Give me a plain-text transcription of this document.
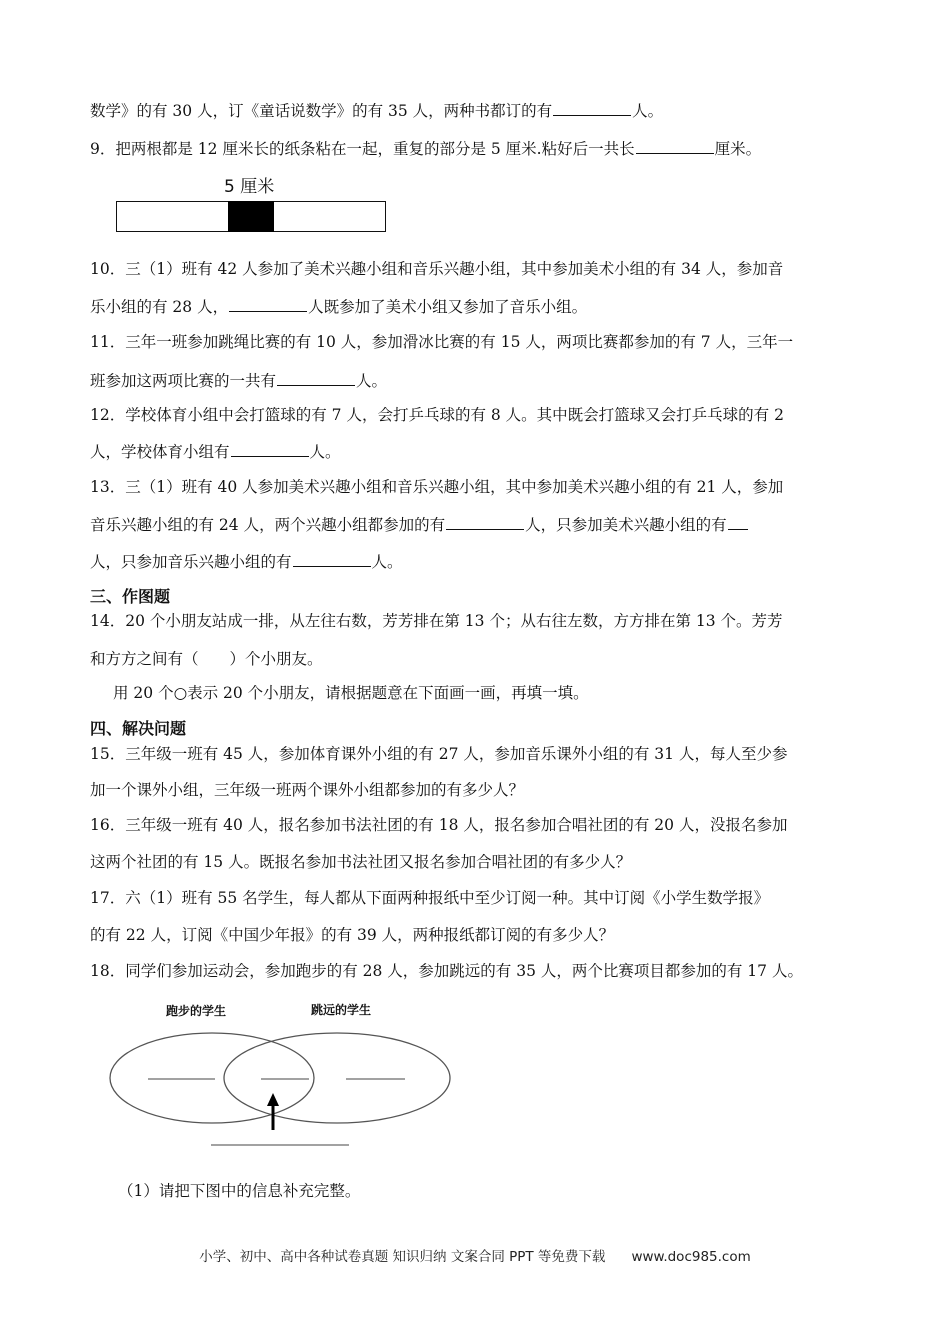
数学》的有 30 人，订《童话说数学》的有 35 人，两种书都订的有	人。
9．把两根都是 12 厘米长的纸条粘在一起，重复的部分是 5 厘米.粘好后一共长	厘米。
5 厘米
10．三（1）班有 42 人参加了美术兴趣小组和音乐兴趣小组，其中参加美术小组的有 34 人，参加音
乐小组的有 28 人，	人既参加了美术小组又参加了音乐小组。
11．三年一班参加跳绳比赛的有 10 人，参加滑冰比赛的有 15 人，两项比赛都参加的有 7 人，三年一
班参加这两项比赛的一共有	人。
12．学校体育小组中会打篮球的有 7 人，会打乒乓球的有 8 人。其中既会打篮球又会打乒乓球的有 2
人，学校体育小组有	人。
13．三（1）班有 40 人参加美术兴趣小组和音乐兴趣小组，其中参加美术兴趣小组的有 21 人，参加
音乐兴趣小组的有 24 人，两个兴趣小组都参加的有	人，只参加美术兴趣小组的有
人，只参加音乐兴趣小组的有	人。
三、作图题
14．20 个小朋友站成一排，从左往右数，芳芳排在第 13 个；从右往左数，方方排在第 13 个。芳芳
和方方之间有（　　）个小朋友。
用 20 个○表示 20 个小朋友，请根据题意在下面画一画，再填一填。
四、解决问题
15．三年级一班有 45 人，参加体育课外小组的有 27 人，参加音乐课外小组的有 31 人，每人至少参
加一个课外小组，三年级一班两个课外小组都参加的有多少人？
16．三年级一班有 40 人，报名参加书法社团的有 18 人，报名参加合唱社团的有 20 人，没报名参加
这两个社团的有 15 人。既报名参加书法社团又报名参加合唱社团的有多少人？
17．六（1）班有 55 名学生，每人都从下面两种报纸中至少订阅一种。其中订阅《小学生数学报》
的有 22 人，订阅《中国少年报》的有 39 人，两种报纸都订阅的有多少人？
18．同学们参加运动会，参加跑步的有 28 人，参加跳远的有 35 人，两个比赛项目都参加的有 17 人。
跑步的学生	跳远的学生
（1）请把下图中的信息补充完整。
小学、初中、高中各种试卷真题 知识归纳 文案合同 PPT 等免费下载 www.doc985.com
